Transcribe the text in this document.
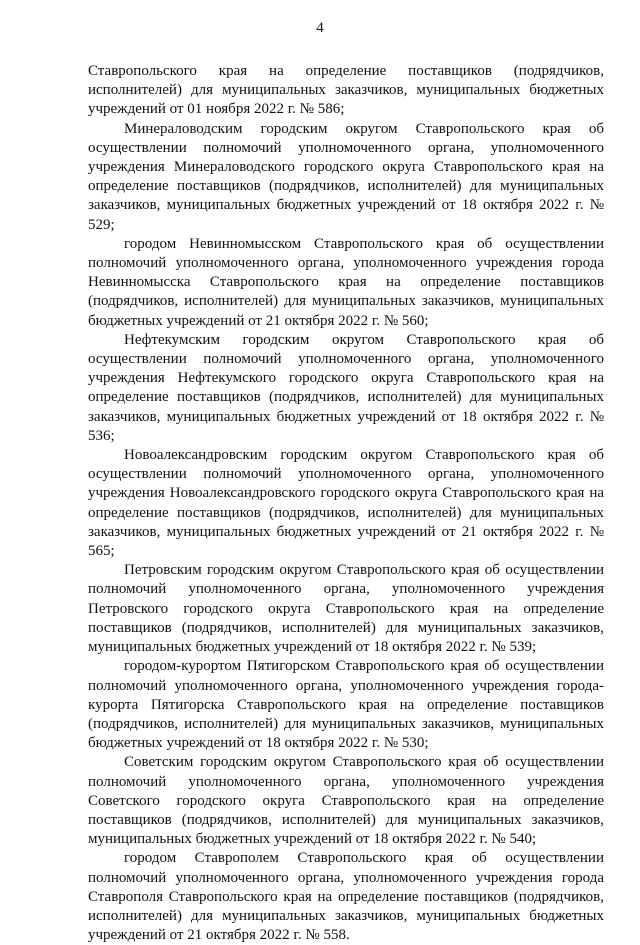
4

Ставропольского края на определение поставщиков (подрядчиков, исполнителей) для муниципальных заказчиков, муниципальных бюджетных учреждений от 01 ноября 2022 г. № 586;

Минераловодским городским округом Ставропольского края об осуществлении полномочий уполномоченного органа, уполномоченного учреждения Минераловодского городского округа Ставропольского края на определение поставщиков (подрядчиков, исполнителей) для муниципальных заказчиков, муниципальных бюджетных учреждений от 18 октября 2022 г. № 529;

городом Невинномысском Ставропольского края об осуществлении полномочий уполномоченного органа, уполномоченного учреждения города Невинномысска Ставропольского края на определение поставщиков (подрядчиков, исполнителей) для муниципальных заказчиков, муниципальных бюджетных учреждений от 21 октября 2022 г. № 560;

Нефтекумским городским округом Ставропольского края об осуществлении полномочий уполномоченного органа, уполномоченного учреждения Нефтекумского городского округа Ставропольского края на определение поставщиков (подрядчиков, исполнителей) для муниципальных заказчиков, муниципальных бюджетных учреждений от 18 октября 2022 г. № 536;

Новоалександровским городским округом Ставропольского края об осуществлении полномочий уполномоченного органа, уполномоченного учреждения Новоалександровского городского округа Ставропольского края на определение поставщиков (подрядчиков, исполнителей) для муниципальных заказчиков, муниципальных бюджетных учреждений от 21 октября 2022 г. № 565;

Петровским городским округом Ставропольского края об осуществлении полномочий уполномоченного органа, уполномоченного учреждения Петровского городского округа Ставропольского края на определение поставщиков (подрядчиков, исполнителей) для муниципальных заказчиков, муниципальных бюджетных учреждений от 18 октября 2022 г. № 539;

городом-курортом Пятигорском Ставропольского края об осуществлении полномочий уполномоченного органа, уполномоченного учреждения города-курорта Пятигорска Ставропольского края на определение поставщиков (подрядчиков, исполнителей) для муниципальных заказчиков, муниципальных бюджетных учреждений от 18 октября 2022 г. № 530;

Советским городским округом Ставропольского края об осуществлении полномочий уполномоченного органа, уполномоченного учреждения Советского городского округа Ставропольского края на определение поставщиков (подрядчиков, исполнителей) для муниципальных заказчиков, муниципальных бюджетных учреждений от 18 октября 2022 г. № 540;

городом Ставрополем Ставропольского края об осуществлении полномочий уполномоченного органа, уполномоченного учреждения города Ставрополя Ставропольского края на определение поставщиков (подрядчиков, исполнителей) для муниципальных заказчиков, муниципальных бюджетных учреждений от 21 октября 2022 г. № 558.
